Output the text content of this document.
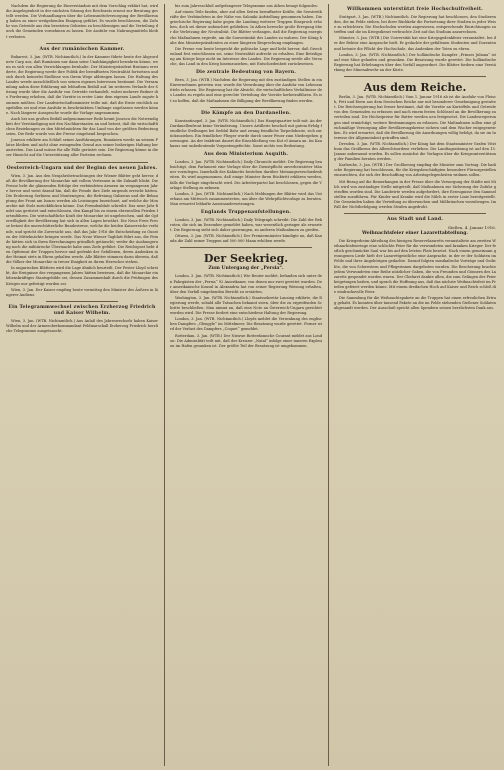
Nachdem die Regierung ihr Einverständnis mit dem Vorschlag erklärt hat, wird die Angelegenheit in der nächsten Sitzung des Reichsrats erneut zur Beratung gestellt werden. Die Verhandlungen über die Lebensmittelversorgung der Bevölkerung haben zu einer weitgehenden Einigung geführt. Es wurde beschlossen, die Zufuhr von Getreide aus den besetzten Gebieten zu beschleunigen und die Verteilung durch die Gemeinden vornehmen zu lassen. Die Ausfuhr von Nahrungsmitteln bleibt verboten.

Aus der rumänischen Kammer.

Bukarest, 3. Jan. (WTB. Nichtamtlich.) In der Kammer führte heute der Abgeordnete Carp aus, daß Rumänien nur dann seine Unabhängigkeit bewahren könne, wenn es sich von allen Verwicklungen fernhalte. Der Ministerpräsident Bratianu erwiderte, die Regierung werde ihre Politik der bewaffneten Neutralität fortsetzen und sich durch keinerlei Einflüsse von ihrem Wege abbringen lassen. Die Haltung des Landes werde ausschließlich von seinen eigenen Interessen bestimmt. Die Versammlung nahm diese Erklärung mit lebhaftem Beifall auf. Im weiteren Verlaufe der Sitzung wurde über die Ausfuhr von Getreide verhandelt, wobei mehrere Redner die Forderung erhoben, daß die Vorräte in erster Linie dem eigenen Lande zugute kommen müßten. Der Landwirtschaftsminister teilte mit, daß die Ernte reichlich ausgefallen sei und eine Ausfuhr in beschränktem Umfange zugelassen werden könne. Nach längerer Aussprache wurde die Vorlage angenommen.

Auch bei uns großen Beifall aufgenommener Rede kennt Jonescu die Notwendigkeit der Verständigung mit den Nachbarstaaten an und betont, daß die wirtschaftlichen Beziehungen zu den Mittelmächten für das Land von der größten Bedeutung seien. Die Rede wurde von der Presse eingehend besprochen.

Jonescu erklärte am Schluß seiner Ausführungen, Rumänien werde an seinem Platze bleiben und nicht ohne zwingenden Grund aus seiner bisherigen Haltung heraustreten. Das Land müsse für alle Fälle gerüstet sein. Die Regierung könne in dieser Hinsicht auf die Unterstützung aller Parteien rechnen.

Oesterreich-Ungarn und der Beginn des neuen Jahres.

Wien, 3. Jan. Aus den Neujahrsbetrachtungen der Wiener Blätter geht hervor, daß die Bevölkerung der Monarchie mit vollem Vertrauen in die Zukunft blickt. Die Presse hebt die glänzenden Erfolge der verbündeten Armeen im vergangenen Jahre hervor und weist darauf hin, daß die Feinde ihre Ziele nirgends erreicht hätten. Die Eroberung Serbiens und Montenegros, die Befreiung Galiziens und die Behauptung der Front am Isonzo werden als Leistungen bezeichnet, auf welche die Monarchie mit Stolz zurückblicken könne. Das Fremdenblatt schreibt: Das neue Jahr findet uns gerüstet und entschlossen, den Kampf bis zu einem ehrenvollen Frieden fortzuführen. Die wirtschaftliche Kraft der Monarchie ist ungebrochen, und die Opferwilligkeit der Bevölkerung hat sich in allen Lagen bewährt. Die Neue Freie Presse betont die unerschütterliche Bundestreue, welche die beiden Kaiserreiche verbinde, und spricht die Zuversicht aus, daß das Jahr 1916 die Entscheidung zu Gunsten der Mittelmächte bringen werde. Das Neue Wiener Tagblatt führt aus, die Feinde hätten sich in ihren Berechnungen gründlich getäuscht; weder die Aushungerung noch die militärische Übermacht habe zum Ziele geführt. Die Reichspost hebt den Opfermut der Truppen hervor und gedenkt der Gefallenen, deren Andenken in der Heimat stets in Ehren gehalten werde. Alle Blätter stimmen darin überein, daß die Völker der Monarchie in treuer Einigkeit zu ihrem Herrscher stehen.

In ungarischen Blättern wird die Lage ähnlich beurteilt. Der Pester Lloyd schreibt, die Ereignisse des vergangenen Jahres hätten bewiesen, daß die Monarchie ein lebenskräftiges Staatsgebilde sei, dessen Zusammenhalt durch die Prüfungen des Krieges nur gefestigt worden sei.

Wien, 3. Jan. Der Kaiser empfing heute vormittag den Minister des Äußern in längerer Audienz.

Ein Telegrammwechsel zwischen Erzherzog Friedrich und Kaiser Wilhelm.

Wien, 3. Jan. (WTB. Nichtamtlich.) Aus Anlaß des Jahreswechsels haben Kaiser Wilhelm und der Armeeoberkommandant Feldmarschall Erzherzog Friedrich herzliche Telegramme ausgetauscht.

bis zum Jahresschluß aufgefangener Telegramme aus Athen besagt folgendes:

Auf einem Teile fanden, aber auf allen Seiten bewaffneter Kräfte, die Seestreitkräfte der Verbündeten in der Nähe von Saloniki Aufstellung genommen haben. Die griechische Regierung habe gegen die Landung weiterer Truppen Einspruch erhoben, doch sei dieser unbeachtet geblieben. In Athen herrsche große Erregung über die Verletzung der Neutralität. Die Blätter verlangen, daß die Regierung energische Maßnahmen ergreife, um die Souveränität des Landes zu wahren. Der König habe den Ministerpräsidenten zu einer längeren Besprechung empfangen.

Die Presse von heute bespricht die politische Lage und hebt hervor, daß Griechenland fest entschlossen sei, seine Neutralität aufrecht zu erhalten. Eine Beteiligung am Kriege liege nicht im Interesse des Landes. Die Regierung werde alle Versuche, das Land in den Krieg hineinzuziehen, mit Entschiedenheit zurückweisen.

Die zentrale Bedeutung von Bayern.

Bern, 3. Jan. (WTB.) Nachdem die Regierung mit den zuständigen Stellen in ein Einvernehmen getreten war, wurde die Verordnung über die Ausfuhr von Lebensmitteln erlassen. Die Regierung hat die Absicht, die wirtschaftlichen Verhältnisse des Landes zu regeln und eine gerechte Verteilung der Vorräte herbeizuführen. Es ist zu hoffen, daß die Maßnahmen die Billigung der Bevölkerung finden werden.

Die Kämpfe an den Dardanellen.

Konstantinopel, 3. Jan. (WTB. Nichtamtlich.) Das Hauptquartier teilt mit: An der Dardanellenfront keine Veränderung. Unsere Artillerie beschoß mit gutem Erfolg feindliche Stellungen bei Seddul Bahr und zwang feindliche Torpedoboote, sich zurückzuziehen. Ein feindlicher Flieger wurde durch unser Feuer zum Niedergehen gezwungen. An der Irakfront dauert die Einschließung von Kut el Amara an. Im Kaukasus nur unbedeutende Vorpostengefechte. Sonst nichts von Bedeutung.

Aus dem Ministerium Asquith.

London, 3. Jan. (WTB. Nichtamtlich.) Daily Chronicle meldet: Die Regierung beabsichtigt, dem Parlament eine Vorlage über die Dienstpflicht unverheirateter Männer vorzulegen. Innerhalb des Kabinetts bestehen darüber Meinungsverschiedenheiten. Es wird angenommen, daß einige Minister ihren Rücktritt erklären werden, falls die Vorlage eingebracht wird. Die Arbeiterpartei hat beschlossen, gegen die Vorlage Stellung zu nehmen.

London, 3. Jan. (WTB. Nichtamtlich.) Nach Meldungen der Blätter wird das Unterhaus am Mittwoch zusammentreten, um über die Wehrpflichtvorlage zu beraten. Man erwartet lebhafte Auseinandersetzungen.

Englands Truppenaufstellungen.

London, 3. Jan. (WTB. Nichtamtlich.) Daily Telegraph schreibt: Die Zahl der Rekruten, die sich im Dezember gemeldet haben, war wesentlich geringer als erwartet. Die Regierung sieht sich daher gezwungen, zu anderen Maßnahmen zu greifen.

Ottawa, 3. Jan. (WTB. Nichtamtlich.) Der Premierminister kündigte an, daß Kanada die Zahl seiner Truppen auf 500 000 Mann erhöhen werde.

Der Seekrieg.
Zum Untergang der „Persia“.

London, 3. Jan. (WTB. Nichtamtlich.) Wie Reuter meldet, befanden sich unter den Fahrgästen der „Persia“ 92 Amerikaner, von denen nur zwei gerettet wurden. Der amerikanische Konsul in Alexandria hat von seiner Regierung Weisung erhalten, über den Vorfall eingehenden Bericht zu erstatten.

Washington, 3. Jan. (WTB. Nichtamtlich.) Staatssekretär Lansing erklärte, die Regierung werde, sobald alle Tatsachen bekannt seien, über die zu ergreifenden Schritte beschließen. Man nimmt an, daß eine Note an Österreich-Ungarn gerichtet werden wird. Die Presse fordert eine entschiedene Haltung der Regierung.

London, 3. Jan. (WTB. Nichtamtlich.) Lloyds meldet die Versenkung des englischen Dampfers „Glengyle“ im Mittelmeer. Die Besatzung wurde gerettet. Ferner wird der Verlust des Dampfers „Coquet“ gemeldet.

Rotterdam, 3. Jan. (WTB.) Der Nieuwe Rotterdamsche Courant meldet aus London: Die Admiralität teilt mit, daß der Kreuzer „Natal“ infolge einer inneren Explosion im Hafen gesunken ist. Der größte Teil der Besatzung ist umgekommen.

Willkommen unterstützt freie Hochschulfreiheit.

Stuttgart, 3. Jan. (WTB.) Nichtamtlich. Die Regierung hat beschlossen, den Studierenden, die im Felde stehen, bei ihrer Rückkehr die Fortsetzung ihrer Studien in jeder Weise zu erleichtern. Die Hochschulen werden angewiesen, entsprechende Einrichtungen zu treffen und die im Kriegsdienst verbrachte Zeit auf das Studium anzurechnen.

Münster, 3. Jan. (WTB.) Die Universität hat eine Kriegsgedenkfeier veranstaltet, bei der der Rektor eine Ansprache hielt. Er gedachte der gefallenen Studenten und Dozenten und betonte die Pflicht der Hochschule, das Andenken der Toten zu ehren.

London, 3. Jan. (WTB. Nichtamtlich.) Der holländische Dampfer „Prinses Juliana“ ist auf eine Mine gelaufen und gesunken. Die Besatzung wurde gerettet. Die holländische Regierung hat Erhebungen über den Vorfall angeordnet. Die Blätter fordern eine Verstärkung der Minenabwehr an der Küste.

Aus dem Reiche.

Berlin, 3. Jan. (WTB. Nichtamtlich.) Vom 1. Januar 1916 ab ist die Ausfuhr von Fleisch, Fett und Eiern aus dem Deutschen Reiche nur mit besonderer Genehmigung gestattet. Die Reichsregierung hat ferner bestimmt, daß die Vorräte an Kartoffeln und Getreide von den Gemeinden zu erfassen und nach einem festen Schlüssel an die Bevölkerung zu verteilen sind. Die Höchstpreise für Butter werden neu festgesetzt. Die Landesregierungen sind ermächtigt, weitere Bestimmungen zu erlassen. Die Maßnahmen sollen eine gleichmäßige Versorgung aller Bevölkerungskreise sichern und dem Wucher entgegenwirken. Es wird erwartet, daß die Bevölkerung die Anordnungen willig befolgt, da sie im Interesse der Allgemeinheit getroffen sind.

Dresden, 3. Jan. (WTB. Nichtamtlich.) Der König hat dem Staatsminister Grafen Vitzthum das Großkreuz des Albrechtsordens verliehen. Die Landtagssitzung ist auf den 15. Januar anberaumt worden. Es sollen zunächst die Vorlagen über die Kriegsunterstützung der Familien beraten werden.

Karlsruhe, 3. Jan. (WTB.) Der Großherzog empfing die Minister zum Vortrag. Die badische Regierung hat beschlossen, für die Kriegsbeschädigten besondere Fürsorgestellen einzurichten, die sich der Beschaffung von Arbeitsgelegenheiten widmen sollen.

Mit Bezug auf die Bemerkungen in der Presse über die Versorgung der Städte mit Milch wird von zuständiger Stelle mitgeteilt, daß Maßnahmen zur Sicherung der Zufuhr getroffen worden sind. Die Landwirte werden aufgefordert, ihre Erzeugnisse den Sammelstellen zuzuführen. Für Kinder und Kranke wird die Milch in erster Linie bereitgestellt. Die Gemeinden haben die Verteilung zu überwachen und Mißbräuchen vorzubeugen. Im Fall der Nichtbefolgung werden Strafen angedroht.

Aus Stadt und Land.
Gießen, 4. Januar 1916.
Weihnachtsfeier einer Lazarettabteilung.

Die Kriegerheim-Abteilung des hiesigen Reservelazaretts veranstaltete am zweiten Weihnachtsfeiertage eine schlichte Feier für die verwundeten und kranken Krieger. Der festlich geschmückte Saal war bis auf den letzten Platz besetzt. Nach einem gemeinsam gesungenen Liede hielt der Lazarettgeistliche eine Ansprache, in der er der Soldaten im Felde und ihrer Angehörigen gedachte. Darauf folgten musikalische Vorträge und Gedichte, die von Schwestern und Pflegerinnen dargeboten wurden. Die Bescherung brachte jedem Verwundeten eine Reihe nützlicher Gaben, die von Freunden und Gönnern des Lazaretts gespendet worden waren. Der Chefarzt dankte allen, die zum Gelingen der Feier beigetragen hatten, und sprach die Hoffnung aus, daß das nächste Weihnachtsfest im Frieden gefeiert werden könne. Mit einem dreifachen Hoch auf Kaiser und Reich schloß die eindrucksvolle Feier.

Die Sammlung für die Weihnachtspakete an die Truppen hat einen erfreulichen Ertrag gehabt. Es konnten über tausend Pakete an die im Felde stehenden Gießener Soldaten abgesandt werden. Der Ausschuß spricht allen Spendern seinen herzlichsten Dank aus.
